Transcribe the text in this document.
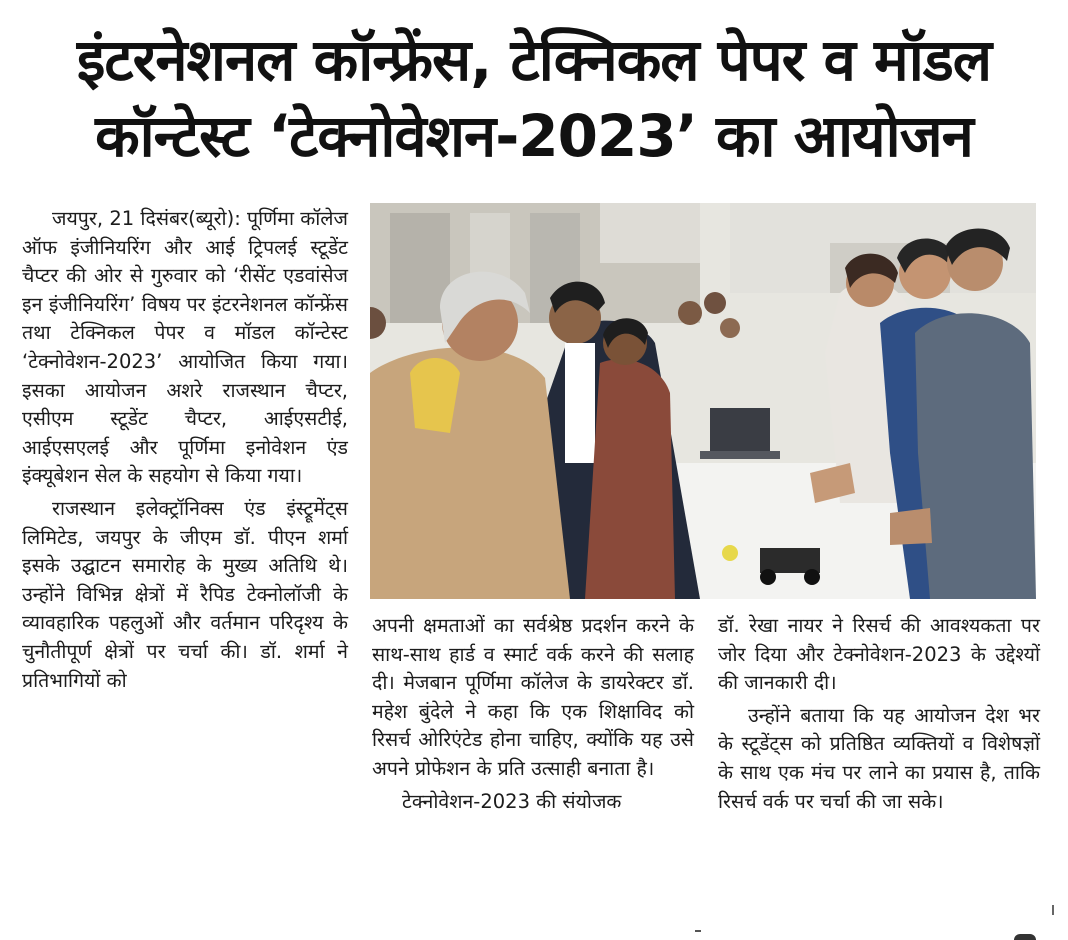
इंटरनेशनल कॉन्फ्रेंस, टेक्निकल पेपर व मॉडल
कॉन्टेस्ट ‘टेक्नोवेशन-2023’ का आयोजन

जयपुर, 21 दिसंबर(ब्यूरो): पूर्णिमा कॉलेज ऑफ इंजीनियरिंग और आई ट्रिपलई स्टूडेंट चैप्टर की ओर से गुरुवार को ‘रीसेंट एडवांसेज इन इंजीनियरिंग’ विषय पर इंटरनेशनल कॉन्फ्रेंस तथा टेक्निकल पेपर व मॉडल कॉन्टेस्ट ‘टेक्नोवेशन-2023’ आयोजित किया गया। इसका आयोजन अशरे राजस्थान चैप्टर, एसीएम स्टूडेंट चैप्टर, आईएसटीई, आईएसएलई और पूर्णिमा इनोवेशन एंड इंक्यूबेशन सेल के सहयोग से किया गया।

राजस्थान इलेक्ट्रॉनिक्स एंड इंस्ट्रूमेंट्स लिमिटेड, जयपुर के जीएम डॉ. पीएन शर्मा इसके उद्घाटन समारोह के मुख्य अतिथि थे। उन्होंने विभिन्न क्षेत्रों में रैपिड टेक्नोलॉजी के व्यावहारिक पहलुओं और वर्तमान परिदृश्य के चुनौतीपूर्ण क्षेत्रों पर चर्चा की। डॉ. शर्मा ने प्रतिभागियों को

अपनी क्षमताओं का सर्वश्रेष्ठ प्रदर्शन करने के साथ-साथ हार्ड व स्मार्ट वर्क करने की सलाह दी। मेजबान पूर्णिमा कॉलेज के डायरेक्टर डॉ. महेश बुंदेले ने कहा कि एक शिक्षाविद को रिसर्च ओरिएंटेड होना चाहिए, क्योंकि यह उसे अपने प्रोफेशन के प्रति उत्साही बनाता है।

टेक्नोवेशन-2023 की संयोजक

डॉ. रेखा नायर ने रिसर्च की आवश्यकता पर जोर दिया और टेक्नोवेशन-2023 के उद्देश्यों की जानकारी दी।

उन्होंने बताया कि यह आयोजन देश भर के स्टूडेंट्स को प्रतिष्ठित व्यक्तियों व विशेषज्ञों के साथ एक मंच पर लाने का प्रयास है, ताकि रिसर्च वर्क पर चर्चा की जा सके।
